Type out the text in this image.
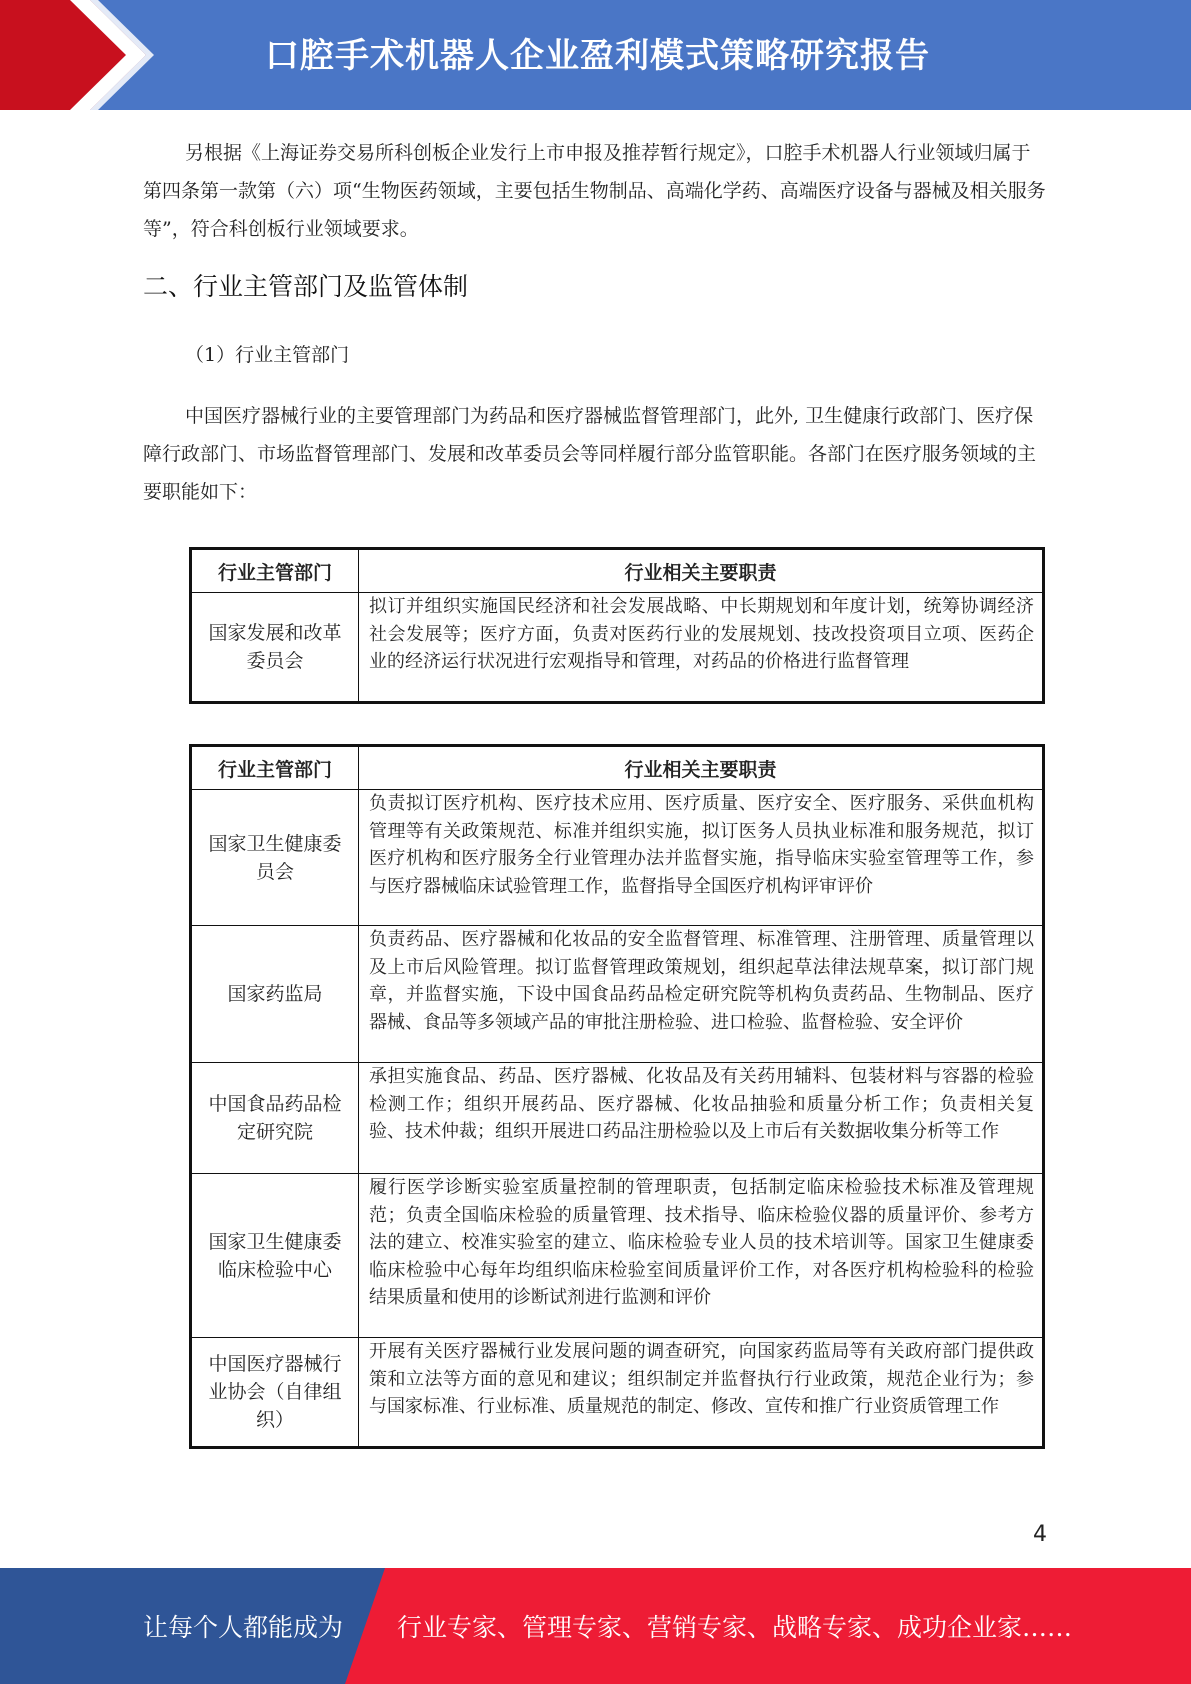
口腔手术机器人企业盈利模式策略研究报告
另根据《上海证券交易所科创板企业发行上市申报及推荐暂行规定》，口腔手术机器人行业领域归属于第四条第一款第（六）项“生物医药领域，主要包括生物制品、高端化学药、高端医疗设备与器械及相关服务等”，符合科创板行业领域要求。
二、行业主管部门及监管体制
（1）行业主管部门
中国医疗器械行业的主要管理部门为药品和医疗器械监督管理部门，此外, 卫生健康行政部门、医疗保障行政部门、市场监督管理部门、发展和改革委员会等同样履行部分监管职能。各部门在医疗服务领域的主要职能如下：
行业主管部门	行业相关主要职责
国家发展和改革委员会	拟订并组织实施国民经济和社会发展战略、中长期规划和年度计划，统筹协调经济社会发展等；医疗方面，负责对医药行业的发展规划、技改投资项目立项、医药企业的经济运行状况进行宏观指导和管理，对药品的价格进行监督管理
行业主管部门	行业相关主要职责
国家卫生健康委员会	负责拟订医疗机构、医疗技术应用、医疗质量、医疗安全、医疗服务、采供血机构管理等有关政策规范、标准并组织实施，拟订医务人员执业标准和服务规范，拟订医疗机构和医疗服务全行业管理办法并监督实施，指导临床实验室管理等工作，参与医疗器械临床试验管理工作，监督指导全国医疗机构评审评价
国家药监局	负责药品、医疗器械和化妆品的安全监督管理、标准管理、注册管理、质量管理以及上市后风险管理。拟订监督管理政策规划，组织起草法律法规草案，拟订部门规章，并监督实施，下设中国食品药品检定研究院等机构负责药品、生物制品、医疗器械、食品等多领域产品的审批注册检验、进口检验、监督检验、安全评价
中国食品药品检定研究院	承担实施食品、药品、医疗器械、化妆品及有关药用辅料、包装材料与容器的检验检测工作；组织开展药品、医疗器械、化妆品抽验和质量分析工作；负责相关复验、技术仲裁；组织开展进口药品注册检验以及上市后有关数据收集分析等工作
国家卫生健康委临床检验中心	履行医学诊断实验室质量控制的管理职责，包括制定临床检验技术标准及管理规范；负责全国临床检验的质量管理、技术指导、临床检验仪器的质量评价、参考方法的建立、校准实验室的建立、临床检验专业人员的技术培训等。国家卫生健康委临床检验中心每年均组织临床检验室间质量评价工作，对各医疗机构检验科的检验结果质量和使用的诊断试剂进行监测和评价
中国医疗器械行业协会（自律组织）	开展有关医疗器械行业发展问题的调查研究，向国家药监局等有关政府部门提供政策和立法等方面的意见和建议；组织制定并监督执行行业政策，规范企业行为；参与国家标准、行业标准、质量规范的制定、修改、宣传和推广行业资质管理工作
4
让每个人都能成为 行业专家、管理专家、营销专家、战略专家、成功企业家……
